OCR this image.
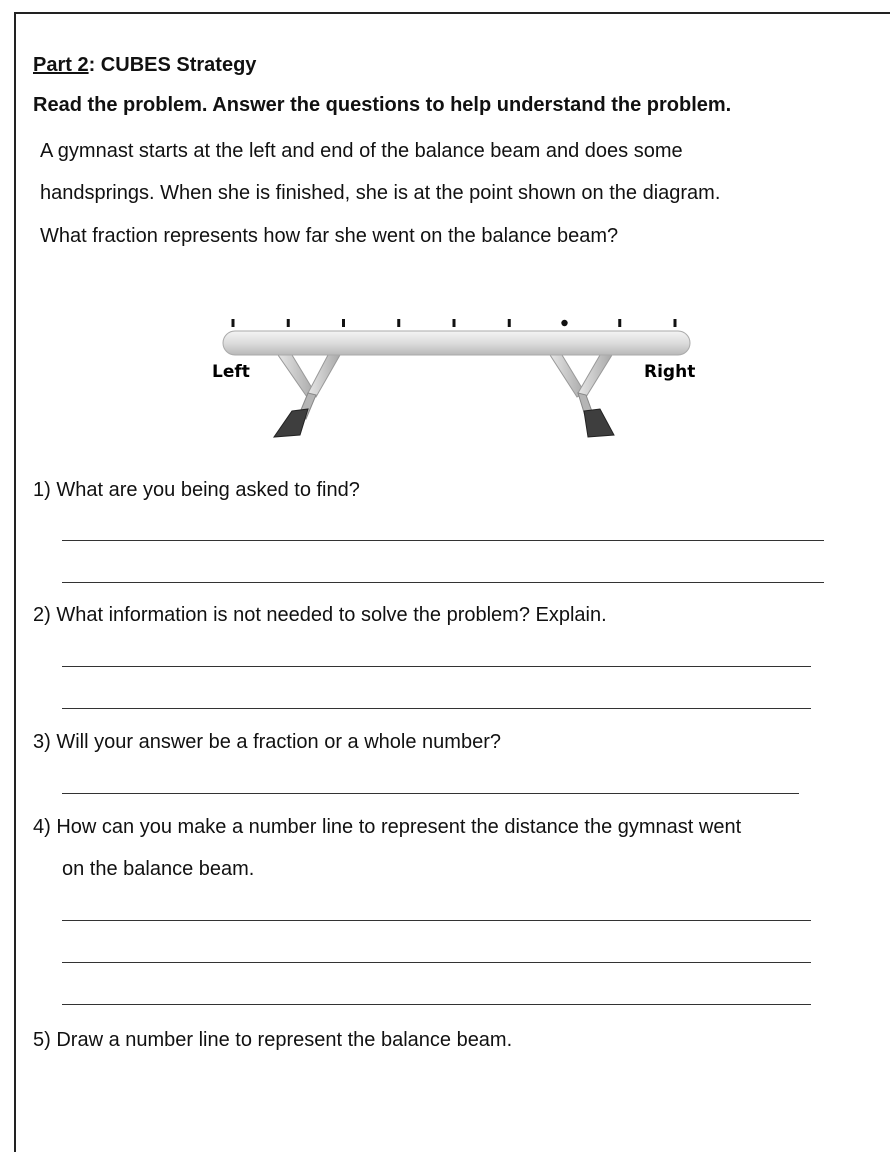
Part 2: CUBES Strategy
Read the problem. Answer the questions to help understand the problem.
A gymnast starts at the left and end of the balance beam and does some
handsprings. When she is finished, she is at the point shown on the diagram.
What fraction represents how far she went on the balance beam?
Left	Right
1) What are you being asked to find?
2) What information is not needed to solve the problem? Explain.
3) Will your answer be a fraction or a whole number?
4) How can you make a number line to represent the distance the gymnast went
on the balance beam.
5) Draw a number line to represent the balance beam.
